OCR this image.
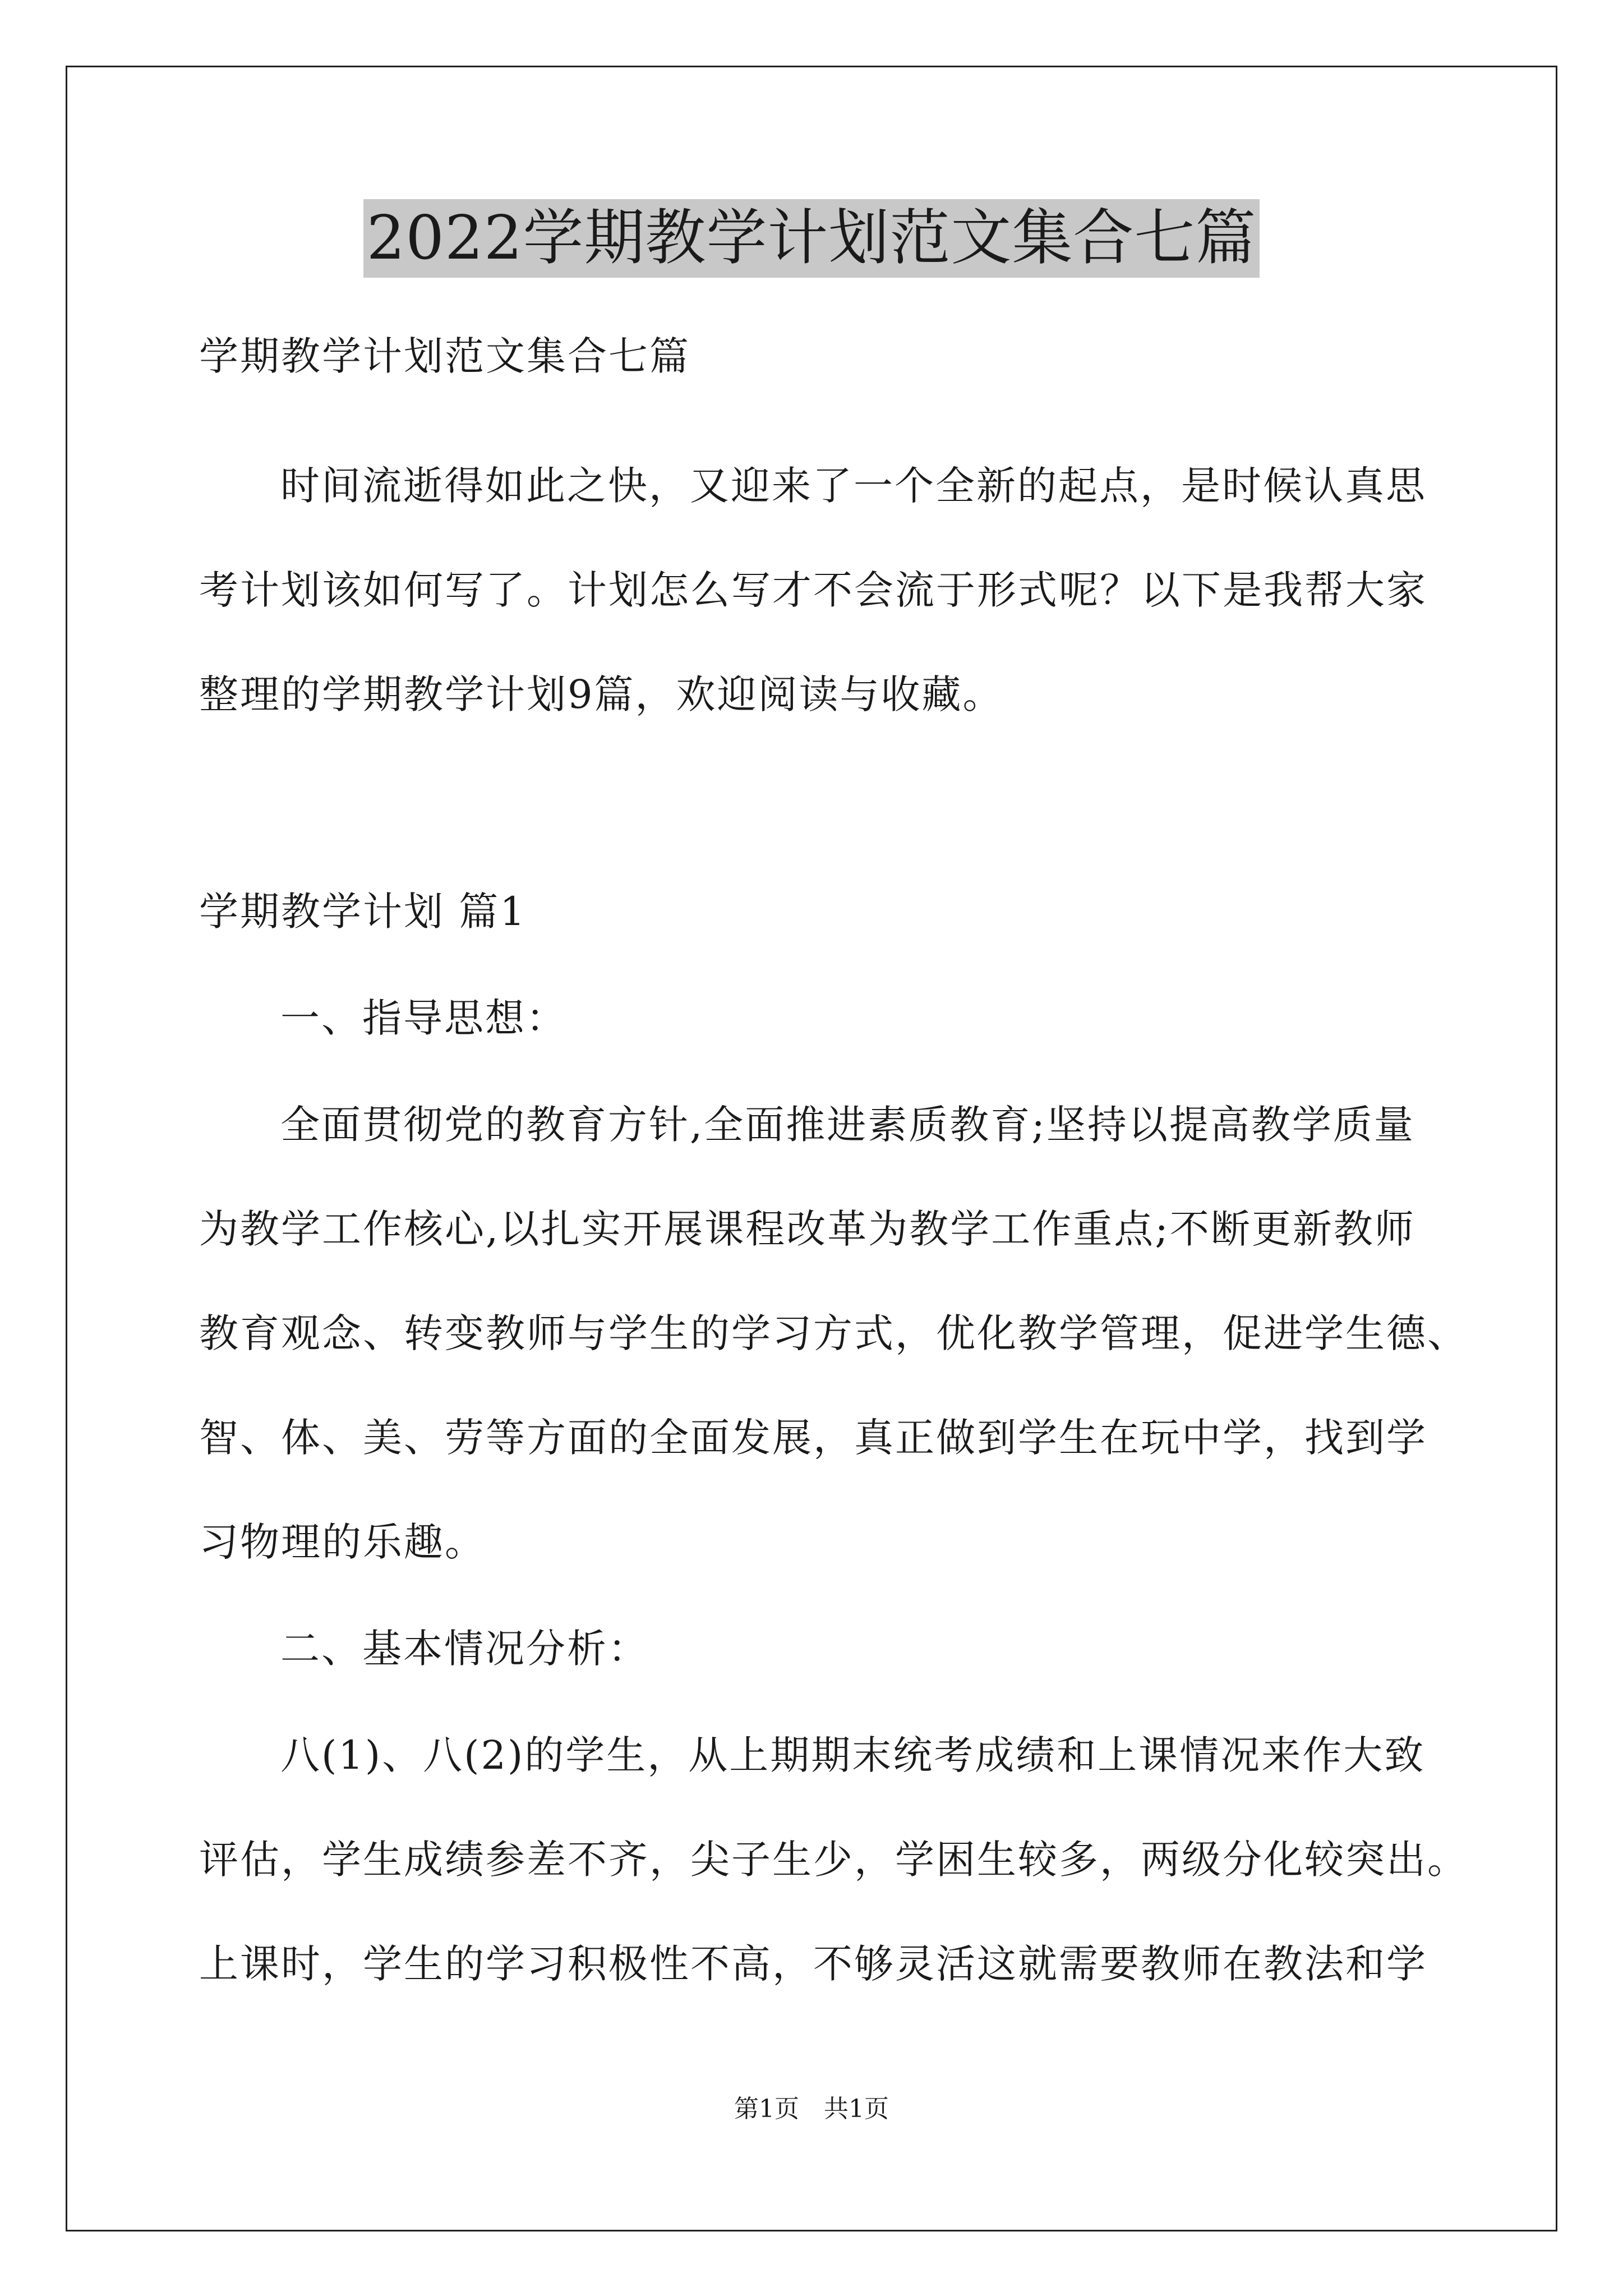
2022学期教学计划范文集合七篇
学期教学计划范文集合七篇
时间流逝得如此之快，又迎来了一个全新的起点，是时候认真思
考计划该如何写了。计划怎么写才不会流于形式呢？以下是我帮大家
整理的学期教学计划9篇，欢迎阅读与收藏。
学期教学计划 篇1
一、指导思想：
全面贯彻党的教育方针,全面推进素质教育;坚持以提高教学质量
为教学工作核心,以扎实开展课程改革为教学工作重点;不断更新教师
教育观念、转变教师与学生的学习方式，优化教学管理，促进学生德、
智、体、美、劳等方面的全面发展，真正做到学生在玩中学，找到学
习物理的乐趣。
二、基本情况分析：
八(1)、八(2)的学生，从上期期末统考成绩和上课情况来作大致
评估，学生成绩参差不齐，尖子生少，学困生较多，两级分化较突出。
上课时，学生的学习积极性不高，不够灵活这就需要教师在教法和学
第1页　共1页
